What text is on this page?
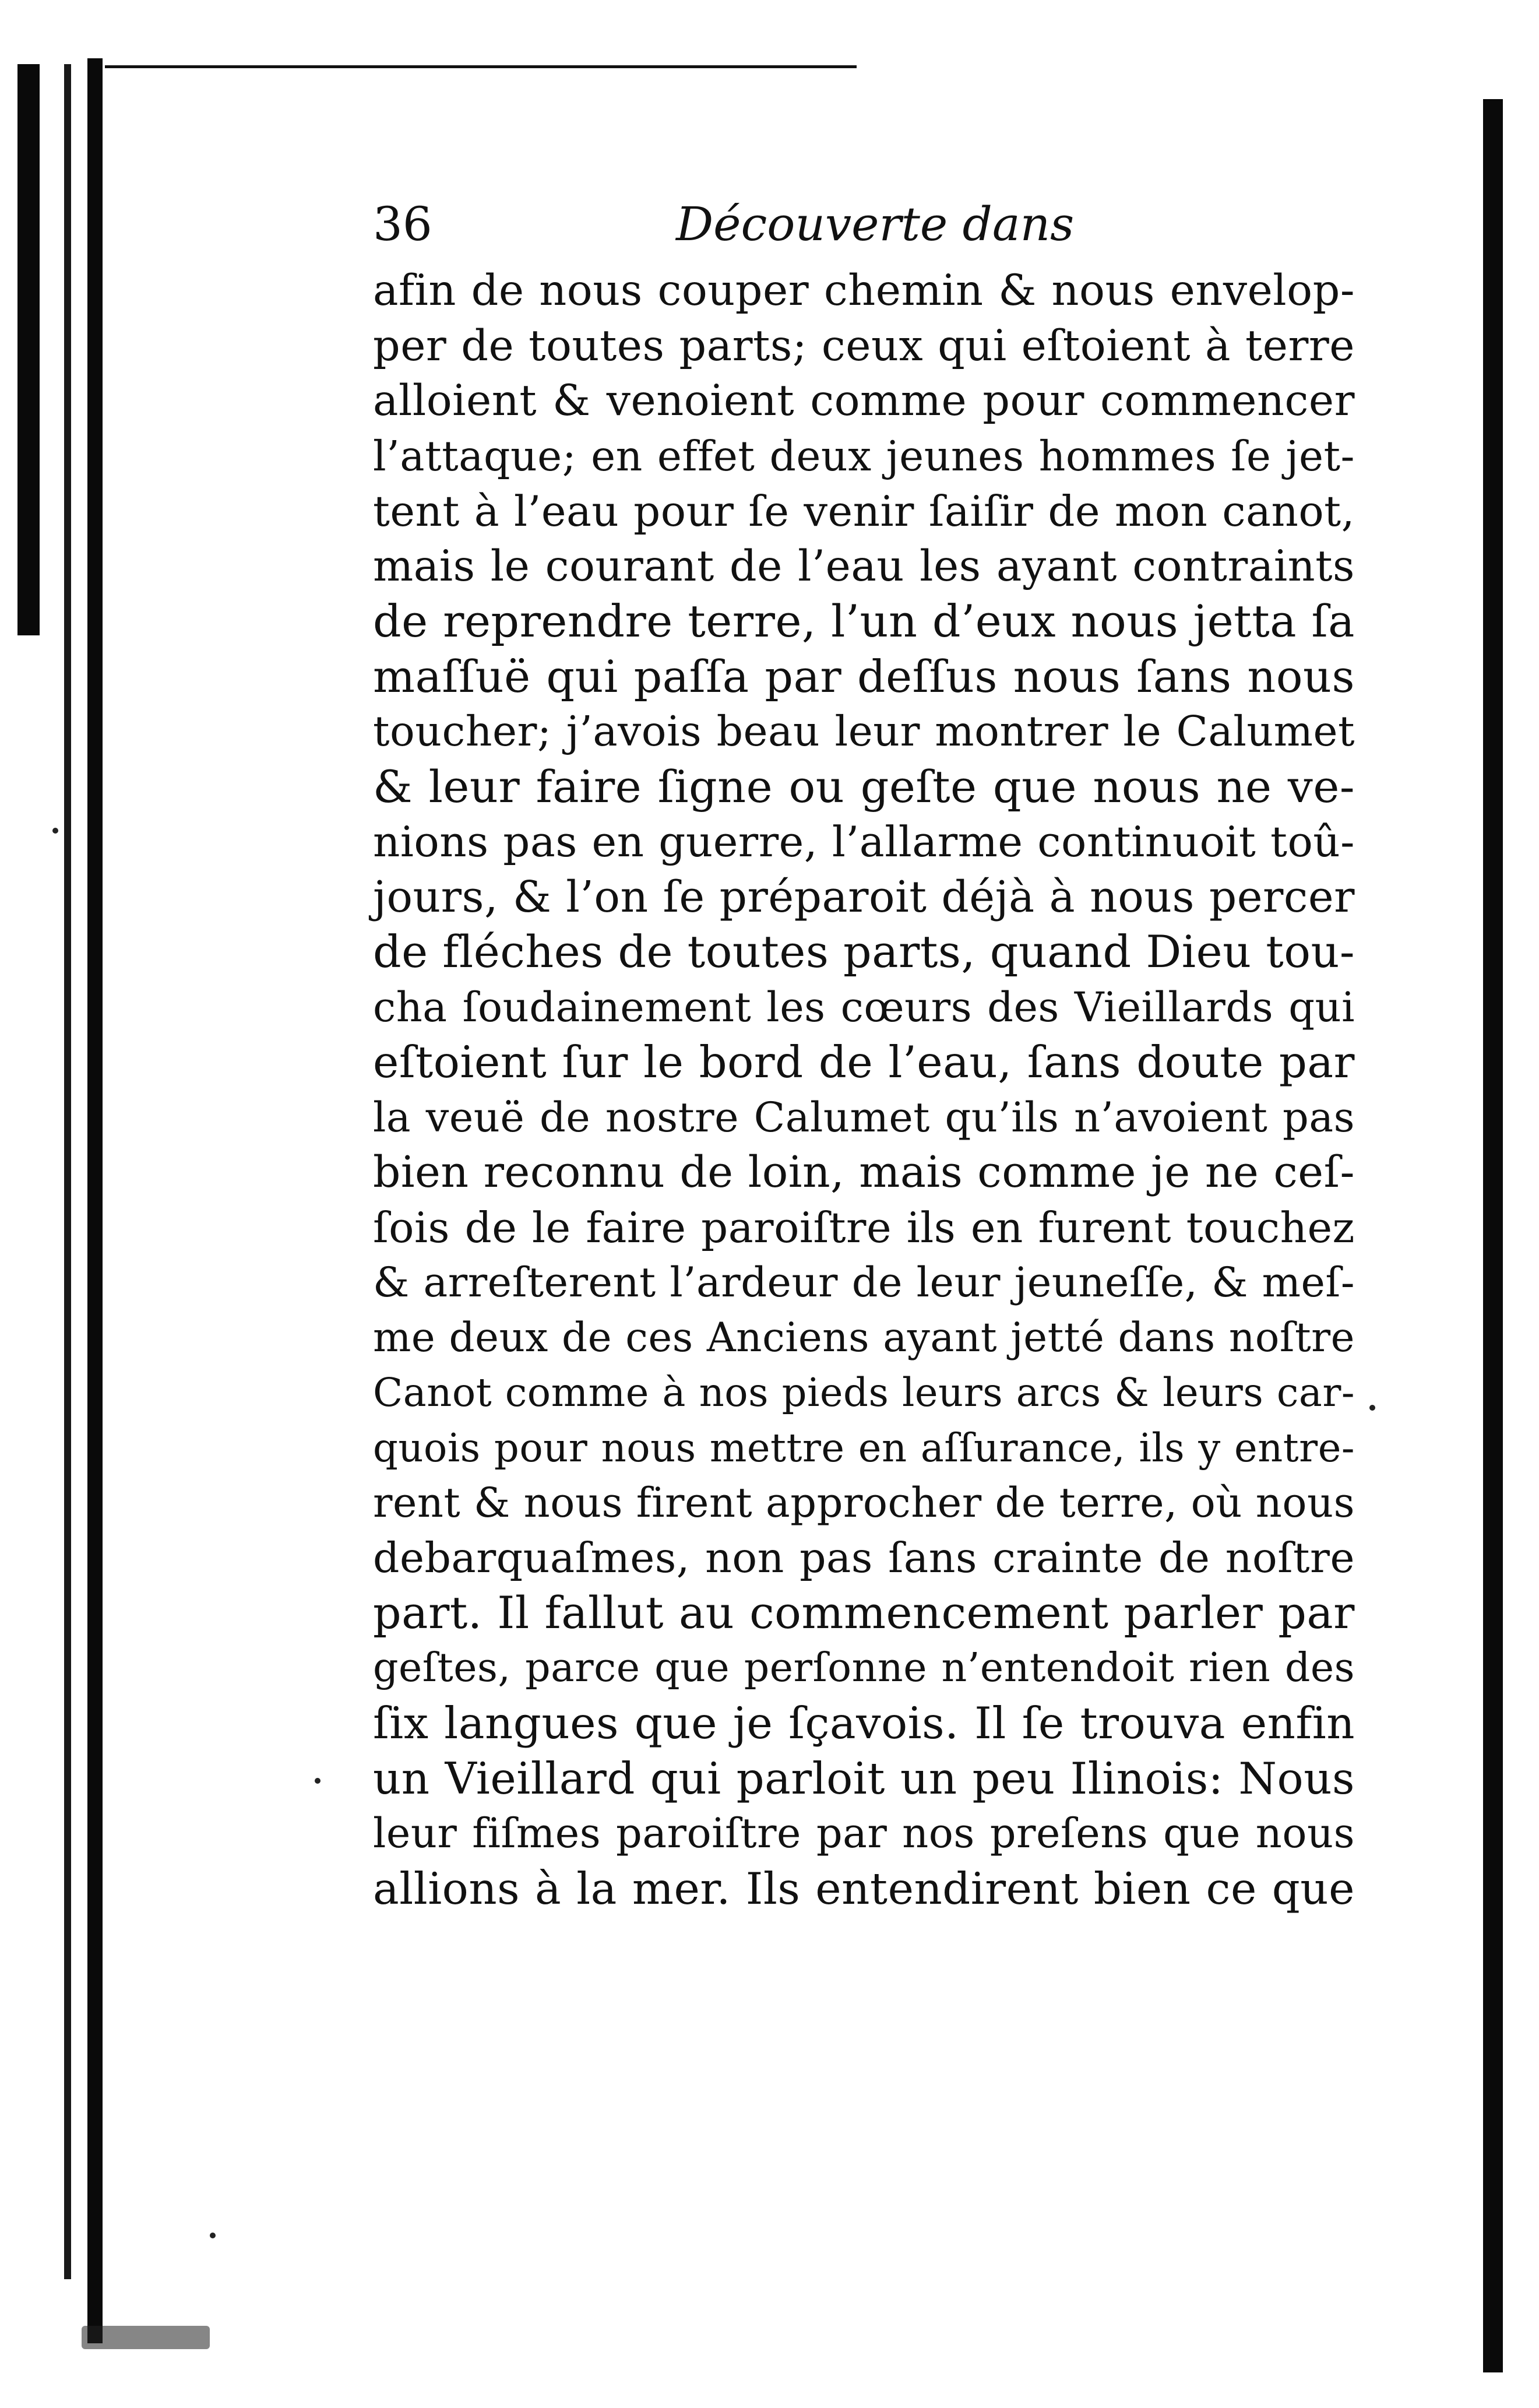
36	Découverte dans
afin de nous couper chemin & nous envelop-
per de toutes parts; ceux qui eſtoient à terre
alloient & venoient comme pour commencer
l’attaque; en effet deux jeunes hommes ſe jet-
tent à l’eau pour ſe venir ſaiſir de mon canot,
mais le courant de l’eau les ayant contraints
de reprendre terre, l’un d’eux nous jetta ſa
maſſuë qui paſſa par deſſus nous ſans nous
toucher; j’avois beau leur montrer le Calumet
& leur faire ſigne ou geſte que nous ne ve-
nions pas en guerre, l’allarme continuoit toû-
jours, & l’on ſe préparoit déjà à nous percer
de fléches de toutes parts, quand Dieu tou-
cha ſoudainement les cœurs des Vieillards qui
eſtoient ſur le bord de l’eau, ſans doute par
la veuë de nostre Calumet qu’ils n’avoient pas
bien reconnu de loin, mais comme je ne ceſ-
ſois de le faire paroiſtre ils en furent touchez
& arreſterent l’ardeur de leur jeuneſſe, & meſ-
me deux de ces Anciens ayant jetté dans noſtre
Canot comme à nos pieds leurs arcs & leurs car-
quois pour nous mettre en aſſurance, ils y entre-
rent & nous firent approcher de terre, où nous
debarquaſmes, non pas ſans crainte de noſtre
part. Il fallut au commencement parler par
geſtes, parce que perſonne n’entendoit rien des
ſix langues que je ſçavois. Il ſe trouva enfin
un Vieillard qui parloit un peu Ilinois: Nous
leur fiſmes paroiſtre par nos preſens que nous
allions à la mer. Ils entendirent bien ce que
